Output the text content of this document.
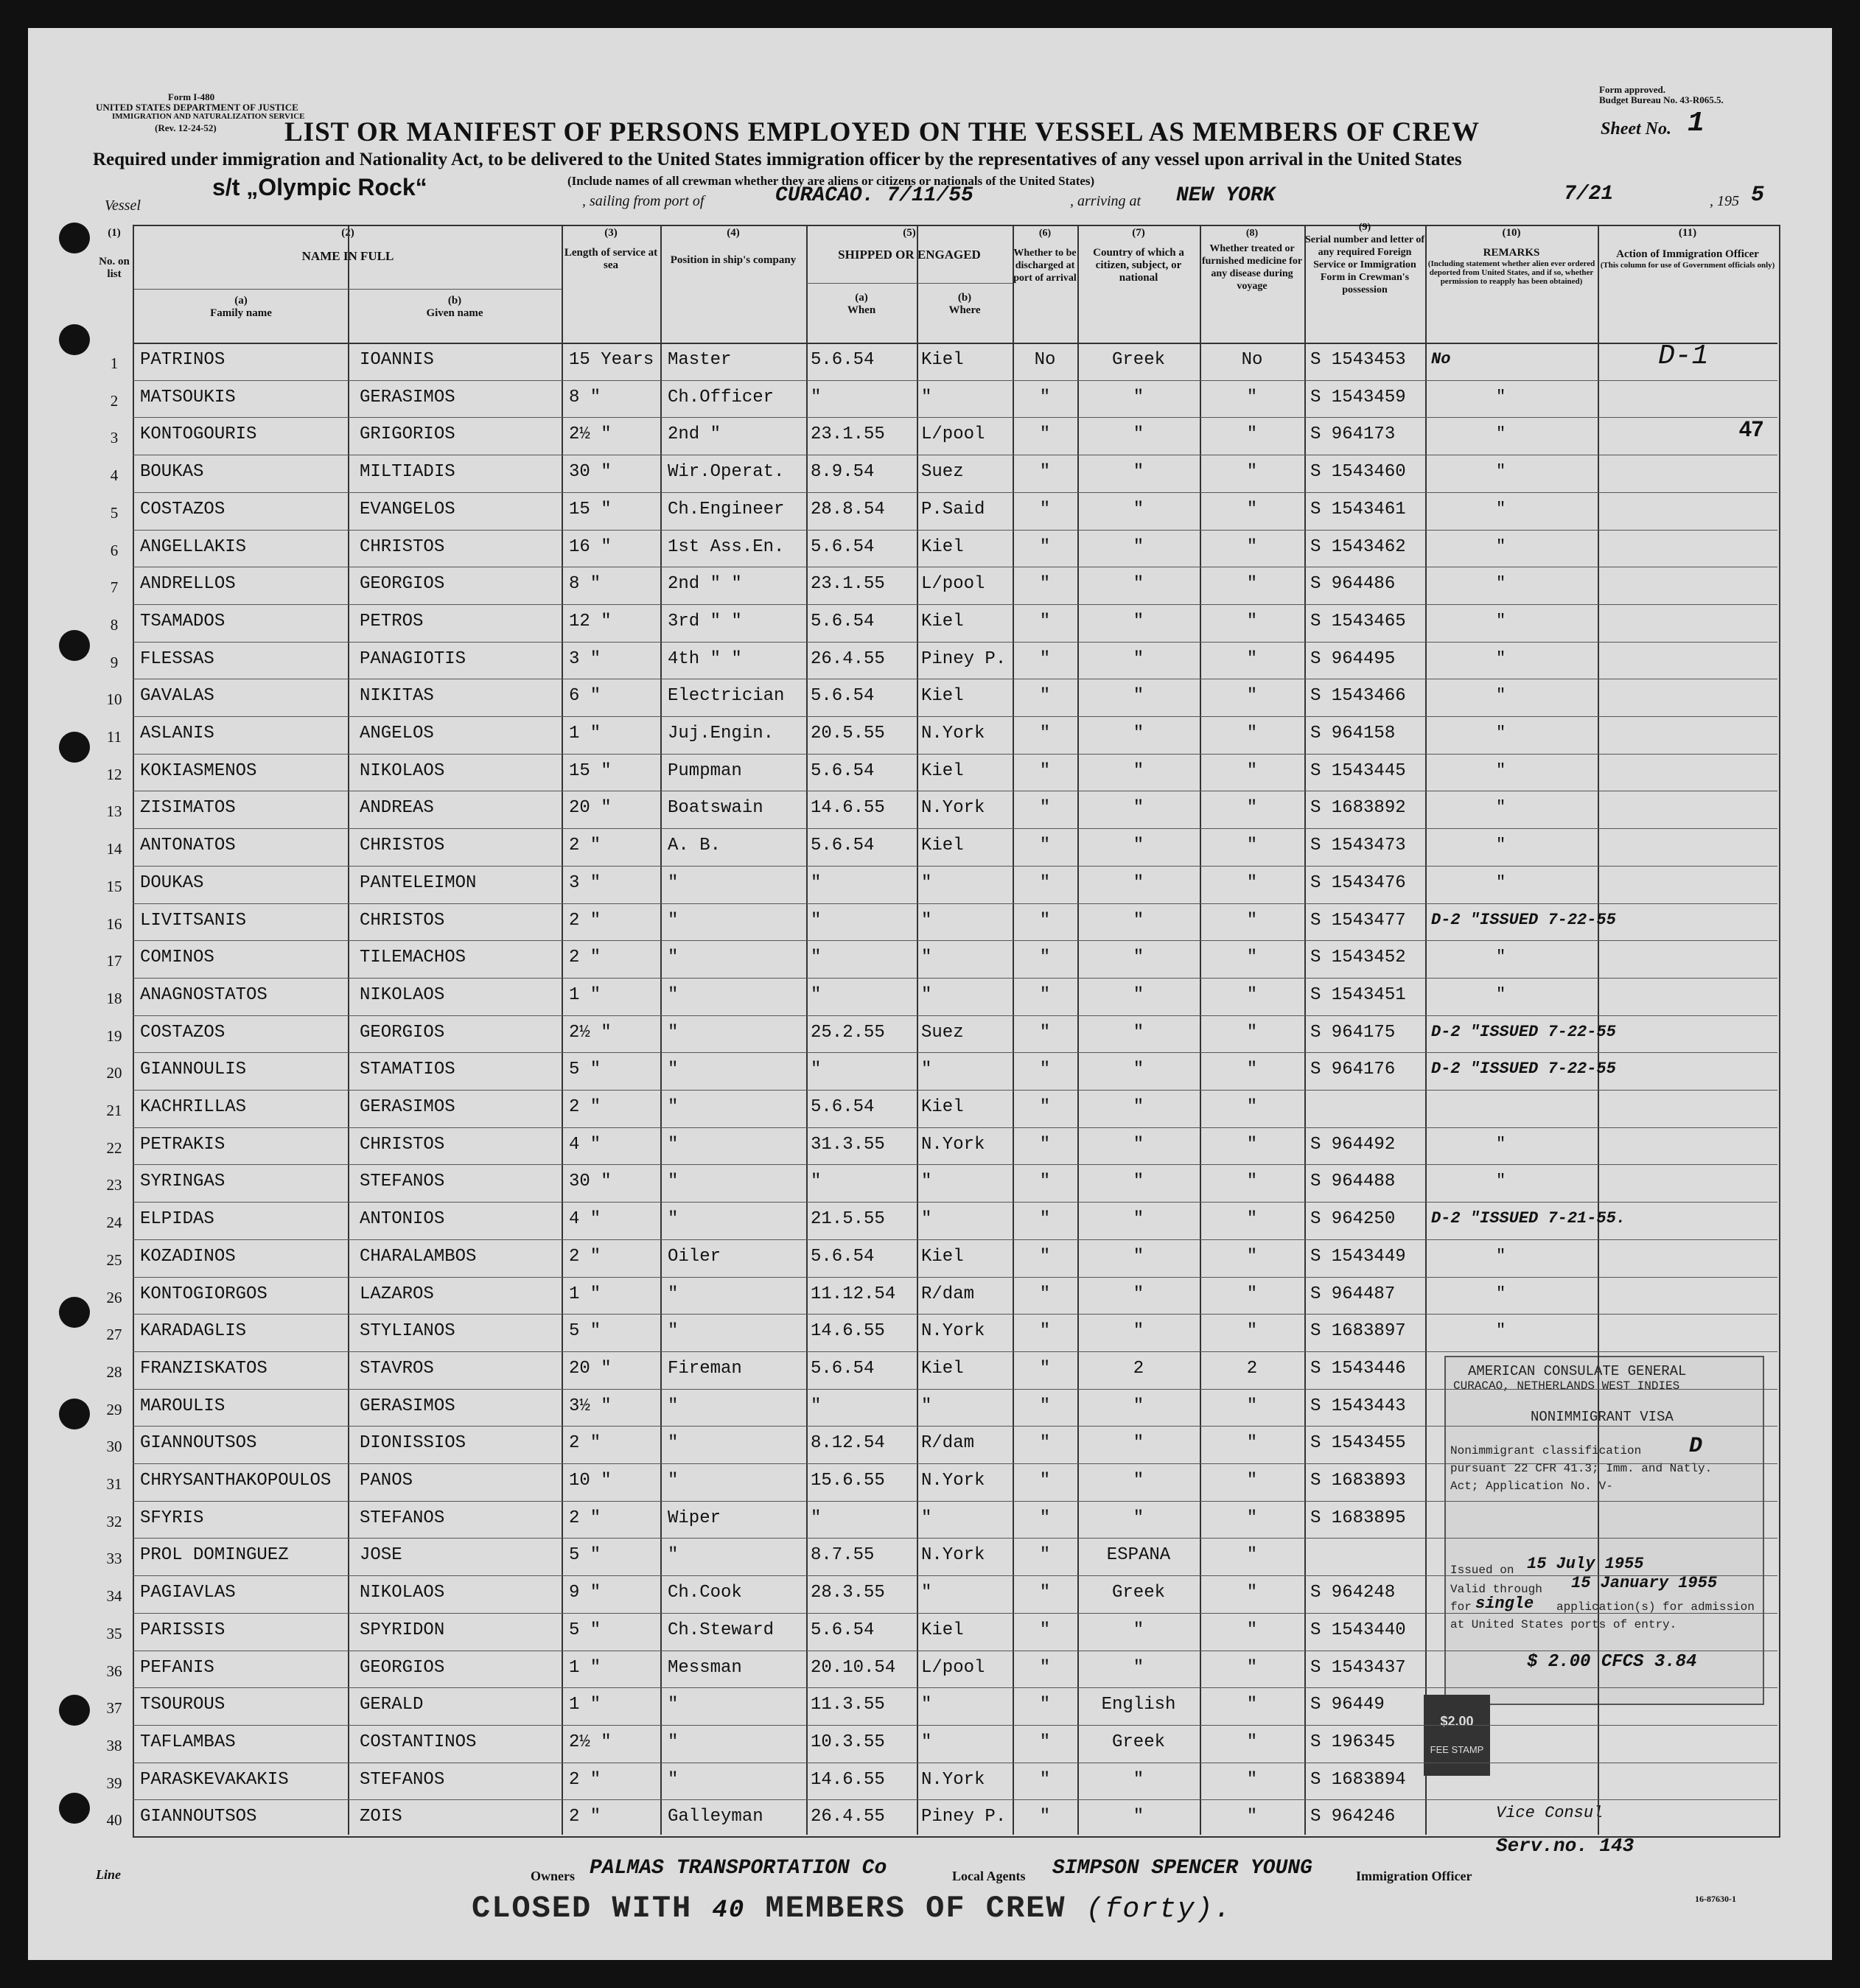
Form I-480
UNITED STATES DEPARTMENT OF JUSTICE
IMMIGRATION AND NATURALIZATION SERVICE
(Rev. 12-24-52)
Form approved.
Budget Bureau No. 43-R065.5.
LIST OR MANIFEST OF PERSONS EMPLOYED ON THE VESSEL AS MEMBERS OF CREW	Sheet No. 1
Required under immigration and Nationality Act, to be delivered to the United States immigration officer by the representatives of any vessel upon arrival in the United States
(Include names of all crewman whether they are aliens or citizens or nationals of the United States)
Vessel
s/t „Olympic Rock“
, sailing from port of	CURACAO. 7/11/55	, arriving at NEW YORK	7/21	, 195 5
(1)
No. on list
(2)
NAME IN FULL
(a)
Family name
(b)
Given name
(3)
Length of service at sea
(4)
Position in ship's company
(5)
SHIPPED OR ENGAGED
(a)
When
(b)
Where
(6)
Whether to be discharged at port of arrival
(7)
Country of which a citizen, subject, or national
(8)
Whether treated or furnished medicine for any disease during voyage
(9)
Serial number and letter of any required Foreign Service or Immigration Form in Crewman's possession
(10)
REMARKS
(Including statement whether alien ever ordered deported from United States, and if so, whether permission to reapply has been obtained)
(11)
Action of Immigration Officer
(This column for use of Government officials only)
D-1
47
AMERICAN CONSULATE GENERAL
CURACAO, NETHERLANDS WEST INDIES
NONIMMIGRANT VISA
Nonimmigrant classification D
pursuant 22 CFR 41.3; Imm. and Natly.
Act; Application No. V-
Issued on 15 July 1955
Valid through 15 January 1955
for single application(s) for admission
at United States ports of entry.
$ 2.00 CFCS 3.84
Vice Consul
Serv.no. 143
$2.00
FEE STAMP
Line	Owners PALMAS TRANSPORTATION Co	Local Agents SIMPSON SPENCER YOUNG	Immigration Officer
16-87630-1
CLOSED WITH 40 MEMBERS OF CREW (forty).
1	PATRINOS	IOANNIS	15 Years Master	5.6.54	Kiel	No	Greek	No	S 1543453 No
2	MATSOUKIS	GERASIMOS	8 "	Ch.Officer "	"	"	"	"	S 1543459	"
3	KONTOGOURIS	GRIGORIOS	2½ "	2nd "	23.1.55 L/pool	"	"	"	S 964173	"
4	BOUKAS	MILTIADIS	30 "	Wir.Operat. 8.9.54	Suez	"	"	"	S 1543460	"
5	COSTAZOS	EVANGELOS	15 "	Ch.Engineer 28.8.54 P.Said	"	"	"	S 1543461	"
6	ANGELLAKIS	CHRISTOS	16 "	1st Ass.En. 5.6.54	Kiel	"	"	"	S 1543462	"
7	ANDRELLOS	GEORGIOS	8 "	2nd " "	23.1.55 L/pool	"	"	"	S 964486	"
8	TSAMADOS	PETROS	12 "	3rd " "	5.6.54	Kiel	"	"	"	S 1543465	"
9	FLESSAS	PANAGIOTIS	3 "	4th " "	26.4.55 Piney P.	"	"	"	S 964495	"
10	GAVALAS	NIKITAS	6 "	Electrician 5.6.54	Kiel	"	"	"	S 1543466	"
11	ASLANIS	ANGELOS	1 "	Juj.Engin. 20.5.55 N.York	"	"	"	S 964158	"
12	KOKIASMENOS	NIKOLAOS	15 "	Pumpman	5.6.54	Kiel	"	"	"	S 1543445	"
13	ZISIMATOS	ANDREAS	20 "	Boatswain	14.6.55 N.York	"	"	"	S 1683892	"
14	ANTONATOS	CHRISTOS	2 "	A. B.	5.6.54	Kiel	"	"	"	S 1543473	"
15	DOUKAS	PANTELEIMON	3 "	"	"	"	"	"	"	S 1543476	"
16	LIVITSANIS	CHRISTOS	2 "	"	"	"	"	"	"	S 1543477 D-2 "ISSUED 7-22-55
17	COMINOS	TILEMACHOS	2 "	"	"	"	"	"	"	S 1543452	"
18	ANAGNOSTATOS	NIKOLAOS	1 "	"	"	"	"	"	"	S 1543451	"
19	COSTAZOS	GEORGIOS	2½ "	"	25.2.55 Suez	"	"	"	S 964175 D-2 "ISSUED 7-22-55
20	GIANNOULIS	STAMATIOS	5 "	"	"	"	"	"	"	S 964176 D-2 "ISSUED 7-22-55
21	KACHRILLAS	GERASIMOS	2 "	"	5.6.54	Kiel	"	"	"
22	PETRAKIS	CHRISTOS	4 "	"	31.3.55 N.York	"	"	"	S 964492	"
23	SYRINGAS	STEFANOS	30 "	"	"	"	"	"	"	S 964488	"
24	ELPIDAS	ANTONIOS	4 "	"	21.5.55 "	"	"	"	S 964250 D-2 "ISSUED 7-21-55.
25	KOZADINOS	CHARALAMBOS	2 "	Oiler	5.6.54	Kiel	"	"	"	S 1543449	"
26	KONTOGIORGOS	LAZAROS	1 "	"	11.12.54 R/dam	"	"	"	S 964487	"
27	KARADAGLIS	STYLIANOS	5 "	"	14.6.55 N.York	"	"	"	S 1683897	"
28	FRANZISKATOS	STAVROS	20 "	Fireman	5.6.54	Kiel	"	2	2	S 1543446
29	MAROULIS	GERASIMOS	3½ "	"	"	"	"	"	"	S 1543443
30	GIANNOUTSOS	DIONISSIOS	2 "	"	8.12.54 R/dam	"	"	"	S 1543455
31	CHRYSANTHAKOPOULOS PANOS	10 "	"	15.6.55 N.York	"	"	"	S 1683893
32	SFYRIS	STEFANOS	2 "	Wiper	"	"	"	"	"	S 1683895
33	PROL DOMINGUEZ	JOSE	5 "	"	8.7.55	N.York	"	ESPANA	"
34	PAGIAVLAS	NIKOLAOS	9 "	Ch.Cook	28.3.55 "	"	Greek	"	S 964248
35	PARISSIS	SPYRIDON	5 "	Ch.Steward 5.6.54	Kiel	"	"	"	S 1543440
36	PEFANIS	GEORGIOS	1 "	Messman	20.10.54 L/pool	"	"	"	S 1543437
37	TSOUROUS	GERALD	1 "	"	11.3.55 "	"	English	"	S 96449
38	TAFLAMBAS	COSTANTINOS	2½ "	"	10.3.55 "	"	Greek	"	S 196345
39	PARASKEVAKAKIS	STEFANOS	2 "	"	14.6.55 N.York	"	"	"	S 1683894
40	GIANNOUTSOS	ZOIS	2 "	Galleyman	26.4.55 Piney P.	"	"	"	S 964246
